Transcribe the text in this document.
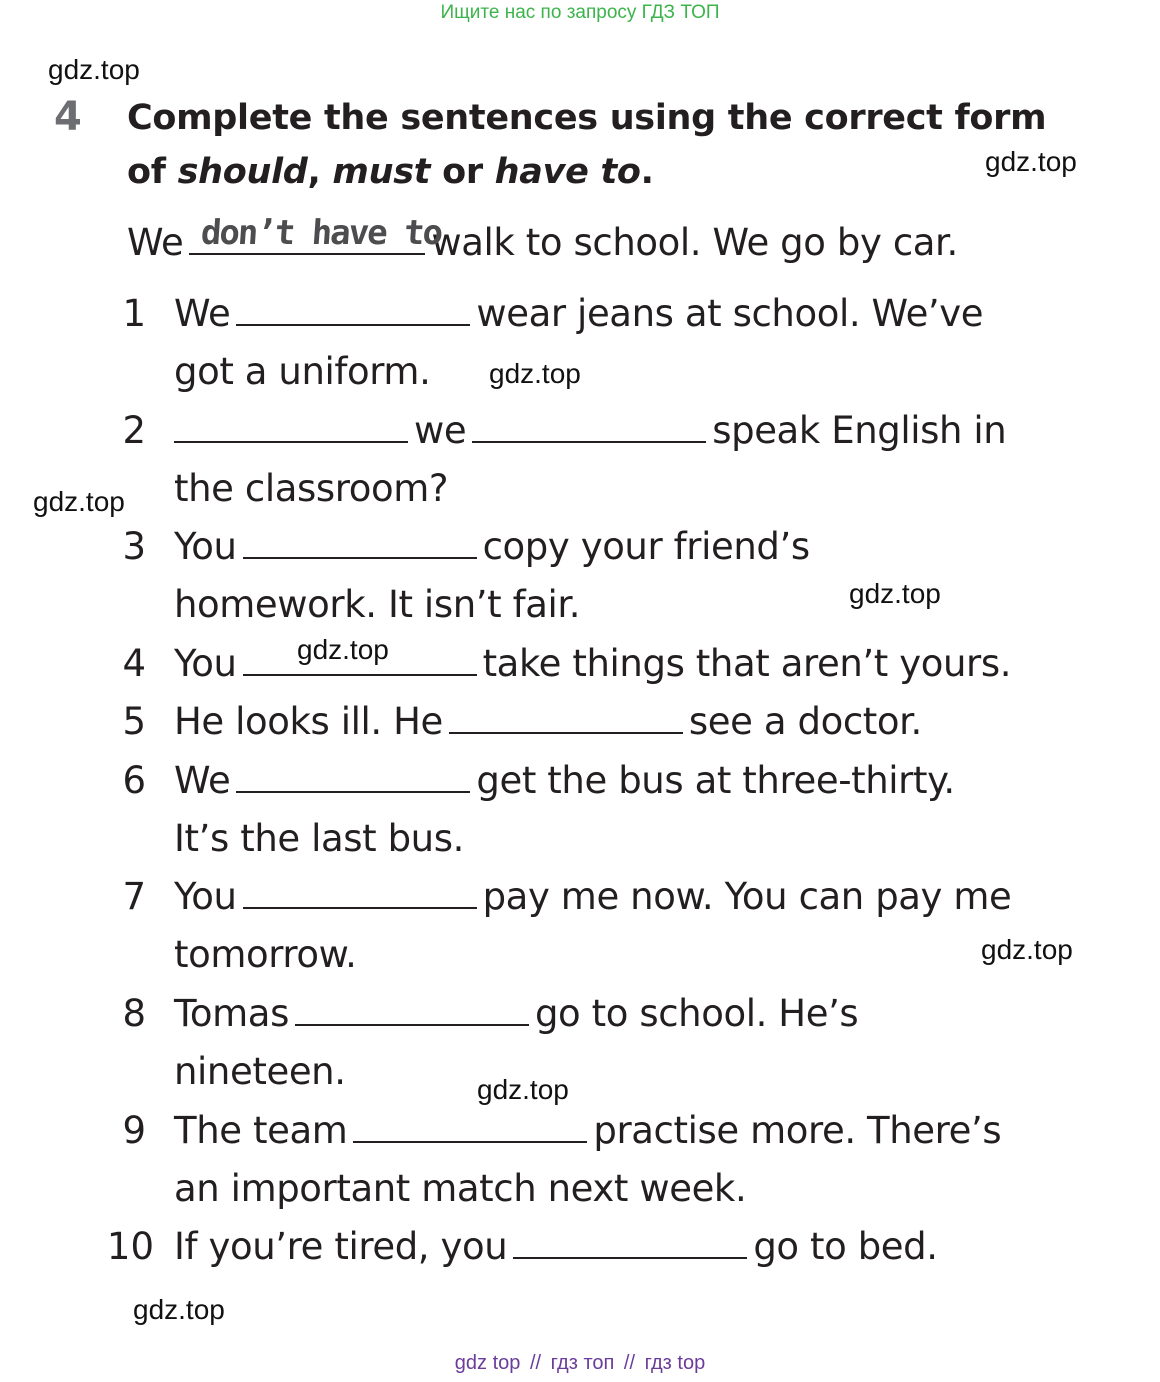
Ищите нас по запросу ГДЗ ТОП
gdz.top
gdz.top
gdz.top
gdz.top
gdz.top
gdz.top
gdz.top
gdz.top
gdz.top
4 Complete the sentences using the correct form
of should, must or have to.
We don’t have to
walk to school. We go by car.
1 We	wear jeans at school. We’ve
got a uniform.
2	we	speak English in
the classroom?
3 You	copy your friend’s
homework. It isn’t fair.
4 You	take things that aren’t yours.
5 He looks ill. He	see a doctor.
6 We	get the bus at three-thirty.
It’s the last bus.
7 You	pay me now. You can pay me
tomorrow.
8 Tomas	go to school. He’s
nineteen.
9 The team	practise more. There’s
an important match next week.
10 If you’re tired, you	go to bed.
gdz top // гдз топ // гдз top
